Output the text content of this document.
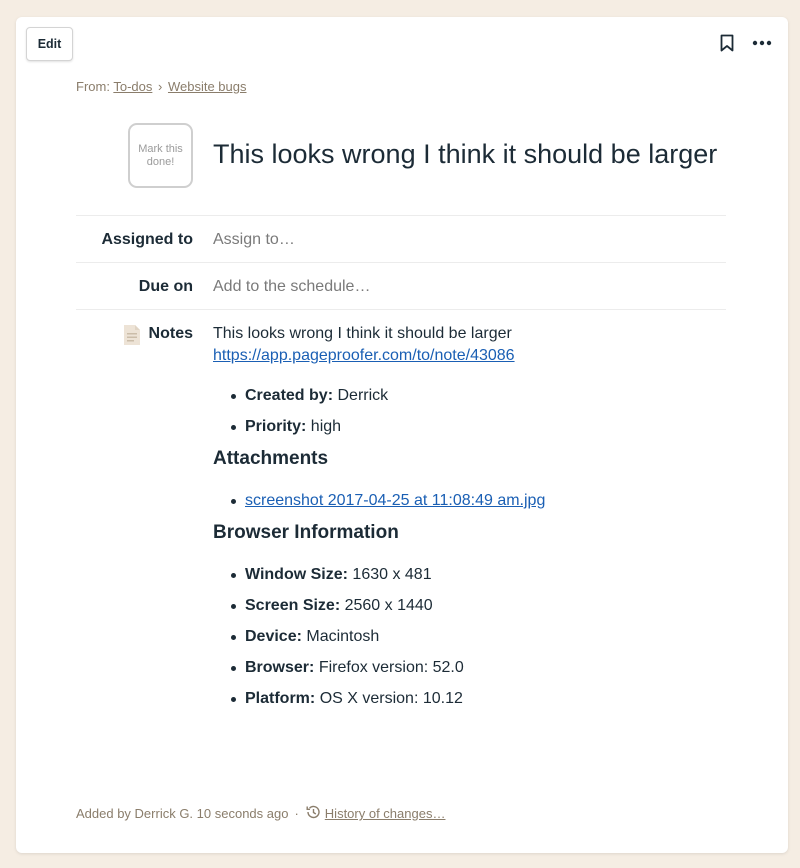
Edit
From: To-dos › Website bugs
Mark this done!	This looks wrong I think it should be larger
Assigned to Assign to…
Due on Add to the schedule…
Notes This looks wrong I think it should be larger

https://app.pageproofer.com/to/note/43086

Created by: Derrick
Priority: high
Attachments
screenshot 2017-04-25 at 11:08:49 am.jpg
Browser Information
Window Size: 1630 x 481
Screen Size: 2560 x 1440
Device: Macintosh
Browser: Firefox version: 52.0
Platform: OS X version: 10.12
Added by Derrick G. 10 seconds ago · History of changes…
